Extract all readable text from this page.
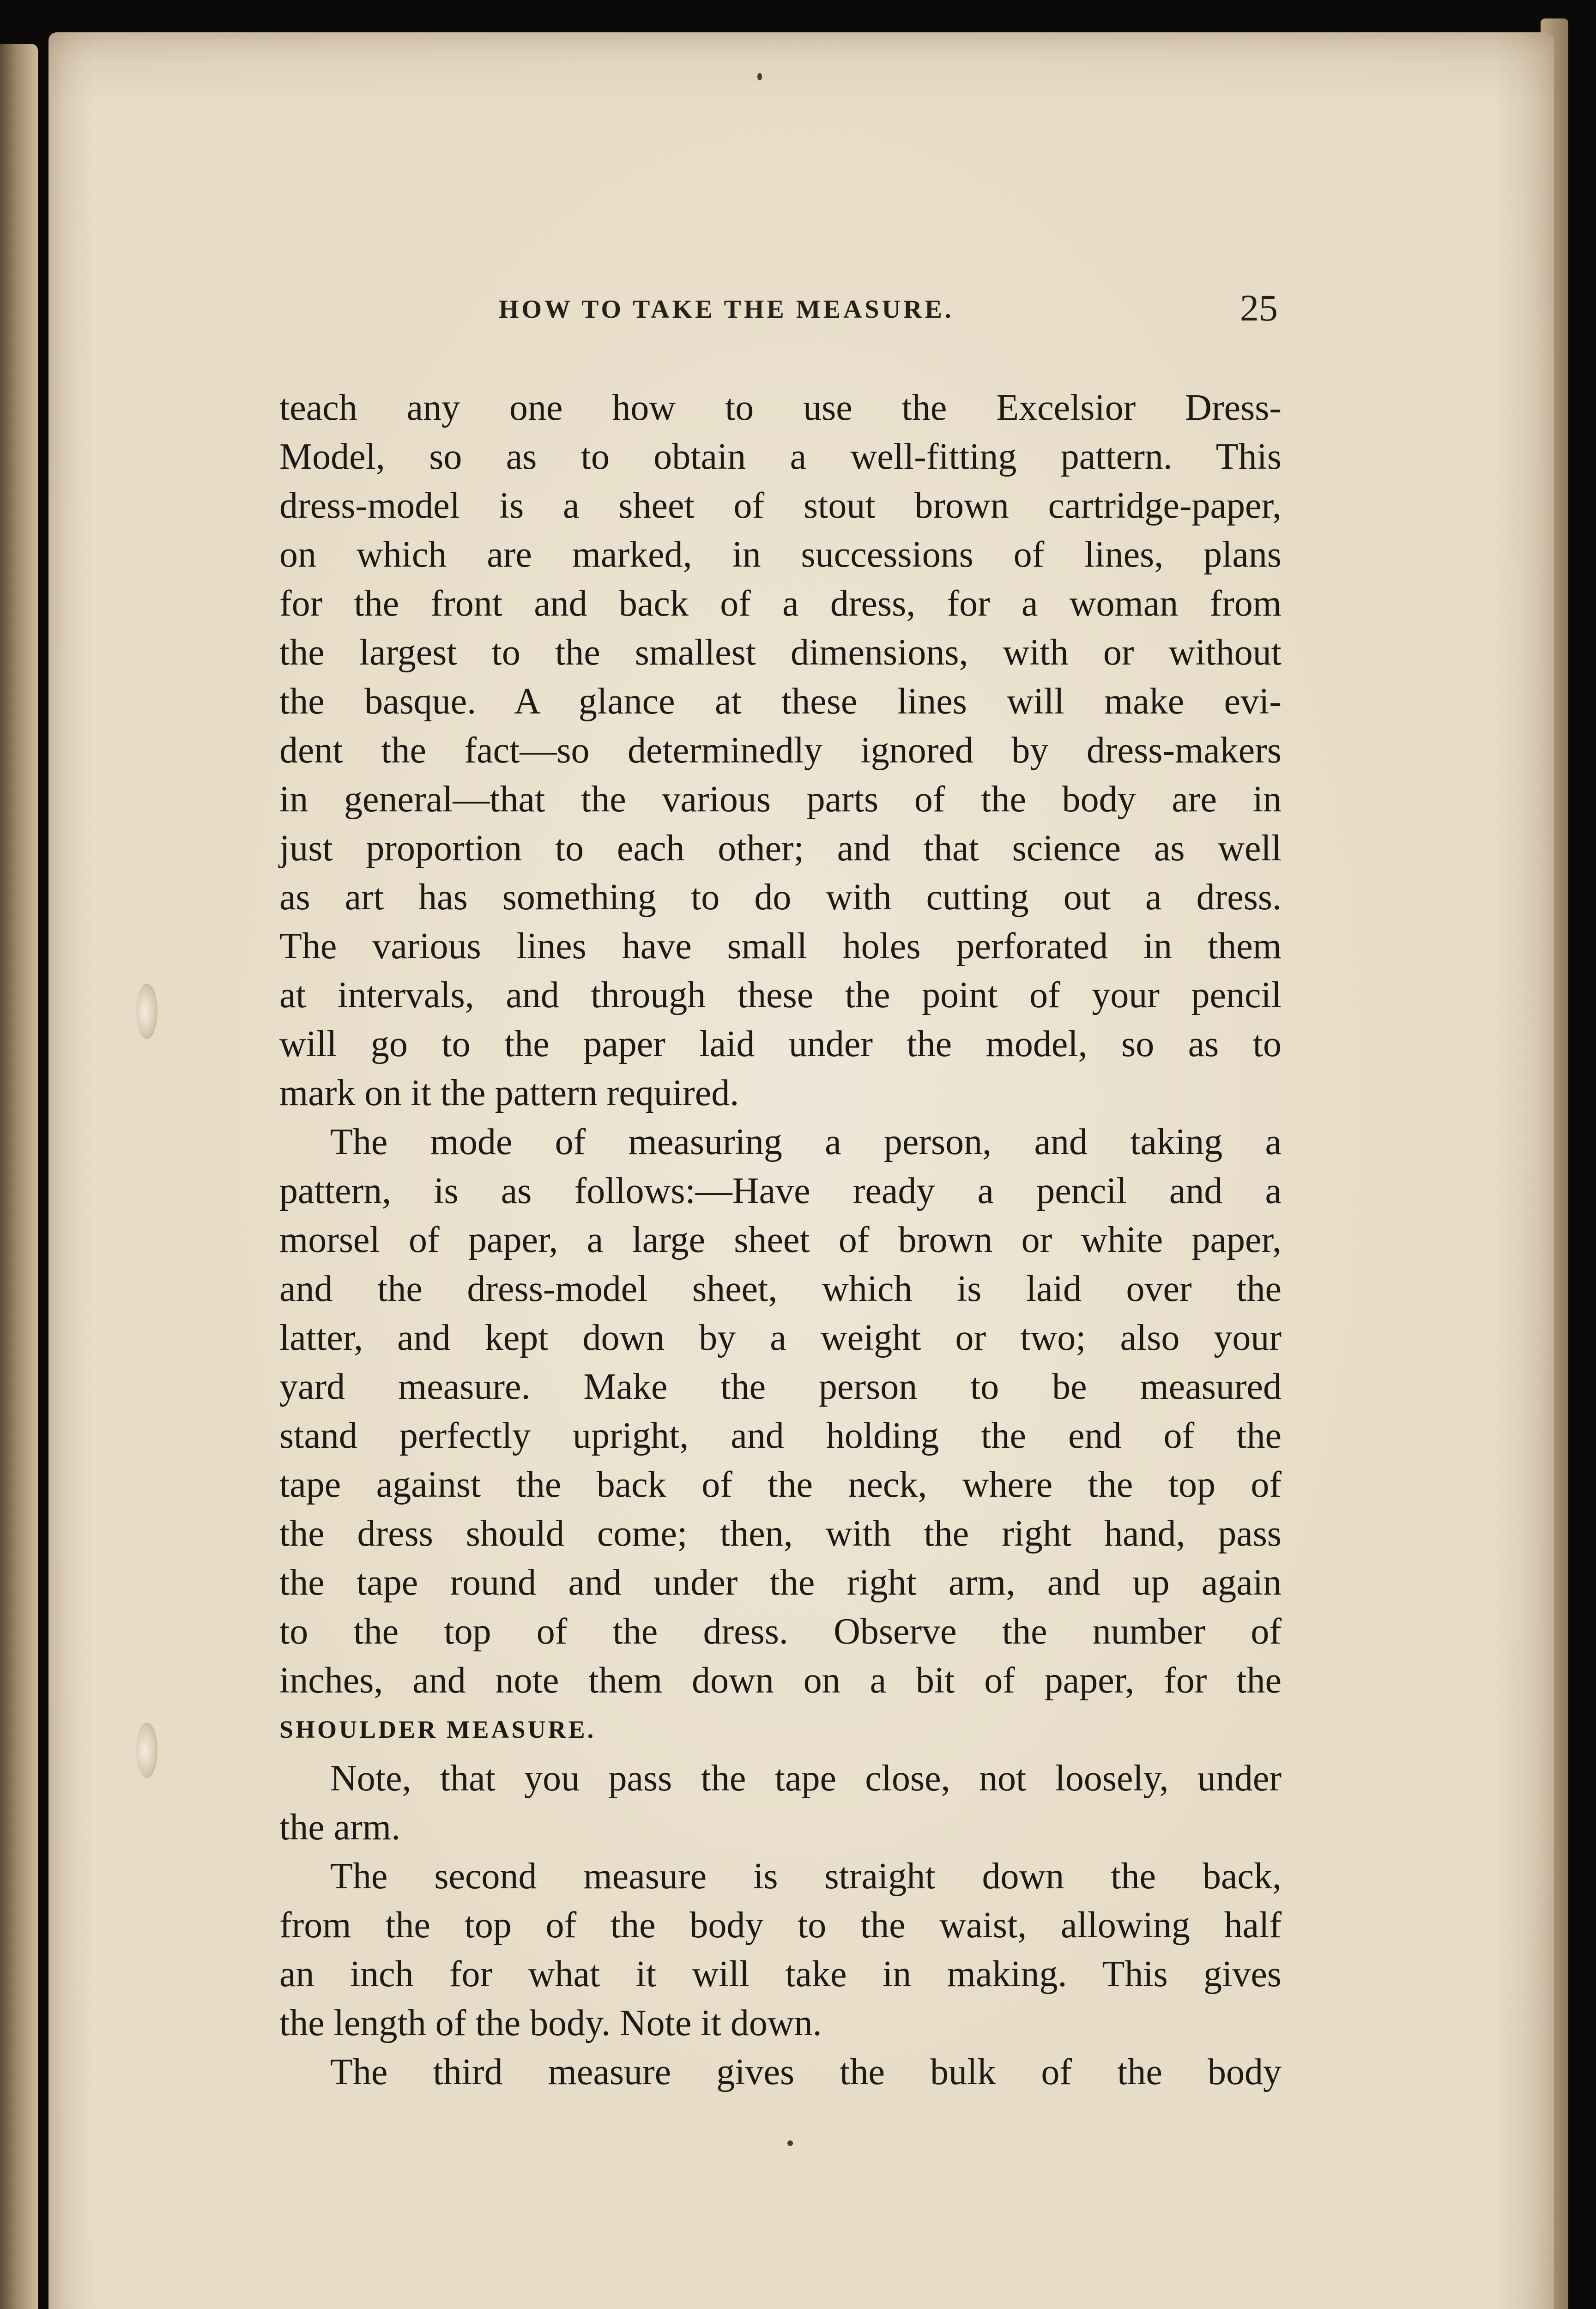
HOW TO TAKE THE MEASURE.	25
teach any one how to use the Excelsior Dress-
Model, so as to obtain a well-fitting pattern. This
dress-model is a sheet of stout brown cartridge-paper,
on which are marked, in successions of lines, plans
for the front and back of a dress, for a woman from
the largest to the smallest dimensions, with or without
the basque. A glance at these lines will make evi-
dent the fact—so determinedly ignored by dress-makers
in general—that the various parts of the body are in
just proportion to each other; and that science as well
as art has something to do with cutting out a dress.
The various lines have small holes perforated in them
at intervals, and through these the point of your pencil
will go to the paper laid under the model, so as to
mark on it the pattern required.
The mode of measuring a person, and taking a
pattern, is as follows:—Have ready a pencil and a
morsel of paper, a large sheet of brown or white paper,
and the dress-model sheet, which is laid over the
latter, and kept down by a weight or two; also your
yard measure. Make the person to be measured
stand perfectly upright, and holding the end of the
tape against the back of the neck, where the top of
the dress should come; then, with the right hand, pass
the tape round and under the right arm, and up again
to the top of the dress. Observe the number of
inches, and note them down on a bit of paper, for the
SHOULDER MEASURE.
Note, that you pass the tape close, not loosely, under
the arm.
The second measure is straight down the back,
from the top of the body to the waist, allowing half
an inch for what it will take in making. This gives
the length of the body. Note it down.
The third measure gives the bulk of the body
